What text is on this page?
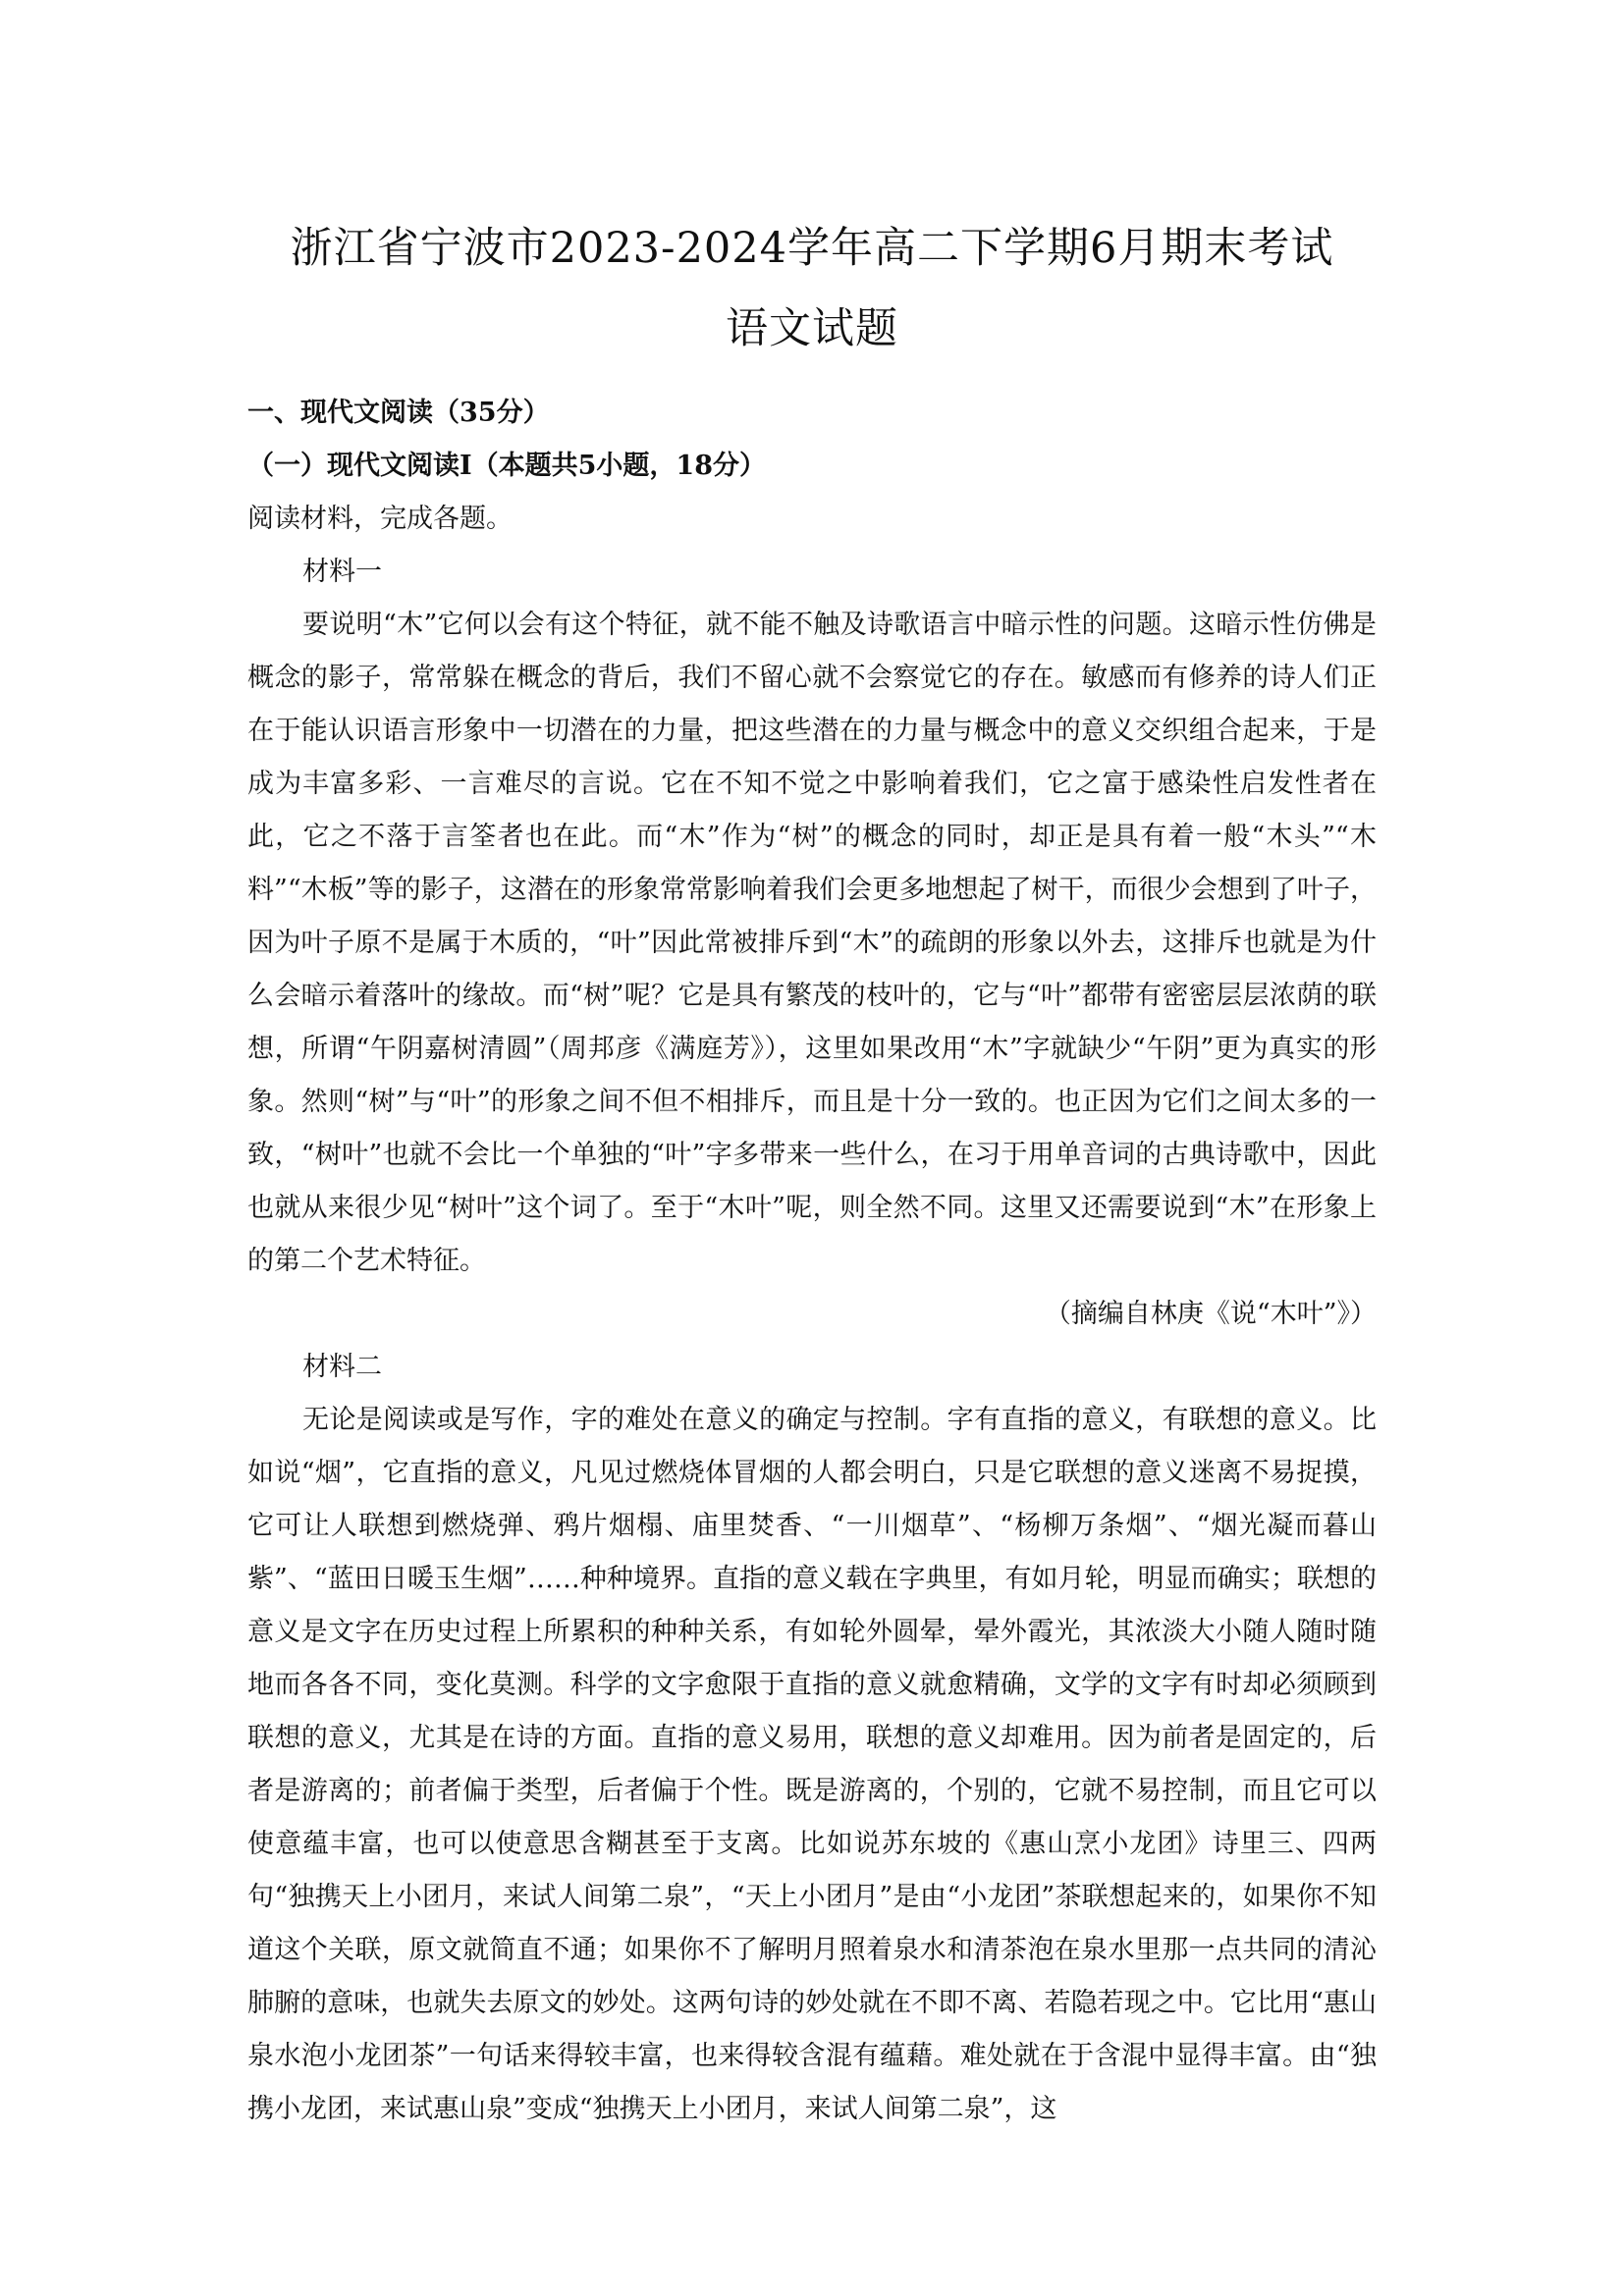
浙江省宁波市2023-2024学年高二下学期6月期末考试
语文试题

一、现代文阅读（35分）

（一）现代文阅读I（本题共5小题，18分）

阅读材料，完成各题。

材料一

要说明“木”它何以会有这个特征，就不能不触及诗歌语言中暗示性的问题。这暗示性仿佛是概念的影子，常常躲在概念的背后，我们不留心就不会察觉它的存在。敏感而有修养的诗人们正在于能认识语言形象中一切潜在的力量，把这些潜在的力量与概念中的意义交织组合起来，于是成为丰富多彩、一言难尽的言说。它在不知不觉之中影响着我们，它之富于感染性启发性者在此，它之不落于言筌者也在此。而“木”作为“树”的概念的同时，却正是具有着一般“木头”“木料”“木板”等的影子，这潜在的形象常常影响着我们会更多地想起了树干，而很少会想到了叶子，因为叶子原不是属于木质的，“叶”因此常被排斥到“木”的疏朗的形象以外去，这排斥也就是为什么会暗示着落叶的缘故。而“树”呢？它是具有繁茂的枝叶的，它与“叶”都带有密密层层浓荫的联想，所谓“午阴嘉树清圆”（周邦彦《满庭芳》），这里如果改用“木”字就缺少“午阴”更为真实的形象。然则“树”与“叶”的形象之间不但不相排斥，而且是十分一致的。也正因为它们之间太多的一致，“树叶”也就不会比一个单独的“叶”字多带来一些什么，在习于用单音词的古典诗歌中，因此也就从来很少见“树叶”这个词了。至于“木叶”呢，则全然不同。这里又还需要说到“木”在形象上的第二个艺术特征。

（摘编自林庚《说“木叶”》）

材料二

无论是阅读或是写作，字的难处在意义的确定与控制。字有直指的意义，有联想的意义。比如说“烟”，它直指的意义，凡见过燃烧体冒烟的人都会明白，只是它联想的意义迷离不易捉摸，它可让人联想到燃烧弹、鸦片烟榻、庙里焚香、“一川烟草”、“杨柳万条烟”、“烟光凝而暮山紫”、“蓝田日暖玉生烟”……种种境界。直指的意义载在字典里，有如月轮，明显而确实；联想的意义是文字在历史过程上所累积的种种关系，有如轮外圆晕，晕外霞光，其浓淡大小随人随时随地而各各不同，变化莫测。科学的文字愈限于直指的意义就愈精确，文学的文字有时却必须顾到联想的意义，尤其是在诗的方面。直指的意义易用，联想的意义却难用。因为前者是固定的，后者是游离的；前者偏于类型，后者偏于个性。既是游离的，个别的，它就不易控制，而且它可以使意蕴丰富，也可以使意思含糊甚至于支离。比如说苏东坡的《惠山烹小龙团》诗里三、四两句“独携天上小团月，来试人间第二泉”，“天上小团月”是由“小龙团”茶联想起来的，如果你不知道这个关联，原文就简直不通；如果你不了解明月照着泉水和清茶泡在泉水里那一点共同的清沁肺腑的意味，也就失去原文的妙处。这两句诗的妙处就在不即不离、若隐若现之中。它比用“惠山泉水泡小龙团茶”一句话来得较丰富，也来得较含混有蕴藉。难处就在于含混中显得丰富。由“独携小龙团，来试惠山泉”变成“独携天上小团月，来试人间第二泉”，这
